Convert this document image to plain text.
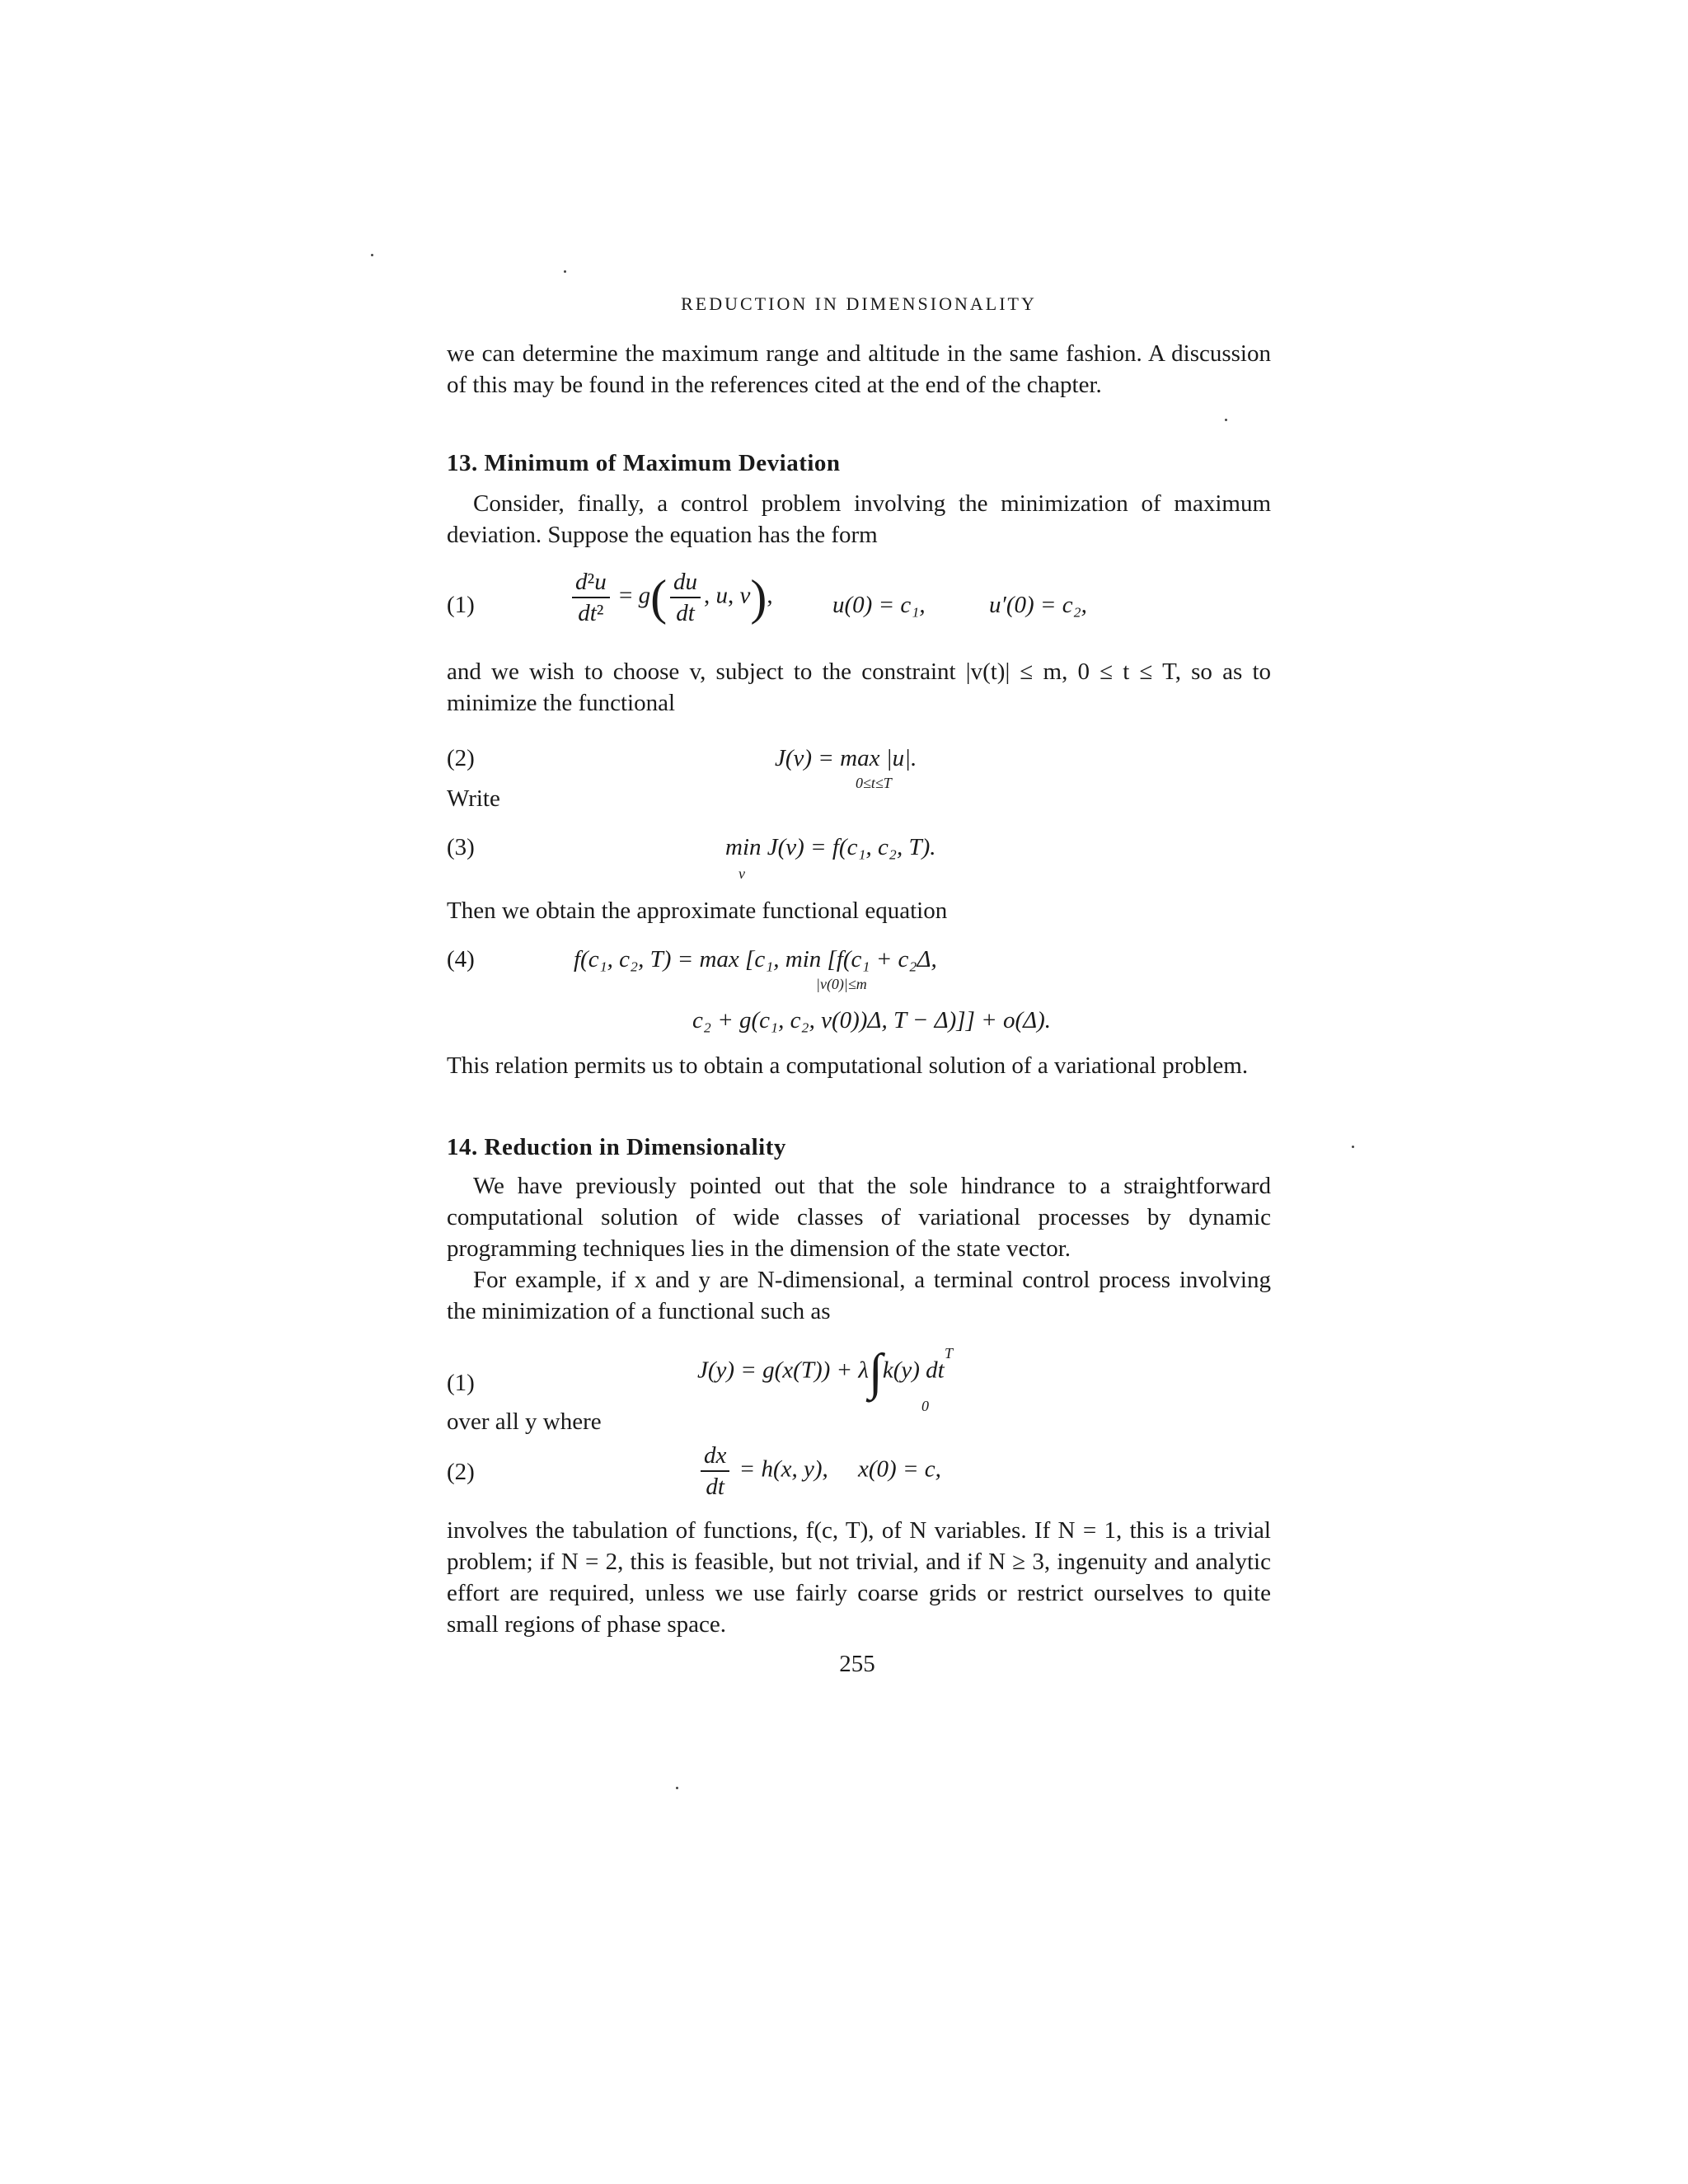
REDUCTION IN DIMENSIONALITY
we can determine the maximum range and altitude in the same fashion. A discussion of this may be found in the references cited at the end of the chapter.
13. Minimum of Maximum Deviation
Consider, finally, a control problem involving the minimization of maximum deviation. Suppose the equation has the form
(1)	$\frac{\text{d²u}}{\text{dt²}} = g( \frac{du}{dt}$ , u, v), u(0) = c₁,	u′(0) = c₂,
and we wish to choose v, subject to the constraint |v(t)| ≤ m, 0 ≤ t ≤ T, so as to minimize the functional
(2)	J(v) = max |u|.
0≤t≤T
Write
(3)	min J(v) = f(c₁, c₂, T).
v
Then we obtain the approximate functional equation
(4)	f(c₁, c₂, T) = max [c₁, min [f(c₁ + c₂Δ,
|v(0)|≤m
c₂ + g(c₁, c₂, v(0))Δ, T − Δ)]] + o(Δ).
This relation permits us to obtain a computational solution of a variational problem.
14. Reduction in Dimensionality
We have previously pointed out that the sole hindrance to a straightforward computational solution of wide classes of variational processes by dynamic programming techniques lies in the dimension of the state vector.
For example, if x and y are N-dimensional, a terminal control process involving the minimization of a functional such as
(1)	J(y) = g(x(T)) + λ∫k(y) dt
T
0
over all y where
(2)	$\frac{dx}{dt} = h(x$, y),     x(0) = c,
involves the tabulation of functions, f(c, T), of N variables. If N = 1, this is a trivial problem; if N = 2, this is feasible, but not trivial, and if N ≥ 3, ingenuity and analytic effort are required, unless we use fairly coarse grids or restrict ourselves to quite small regions of phase space.
255
